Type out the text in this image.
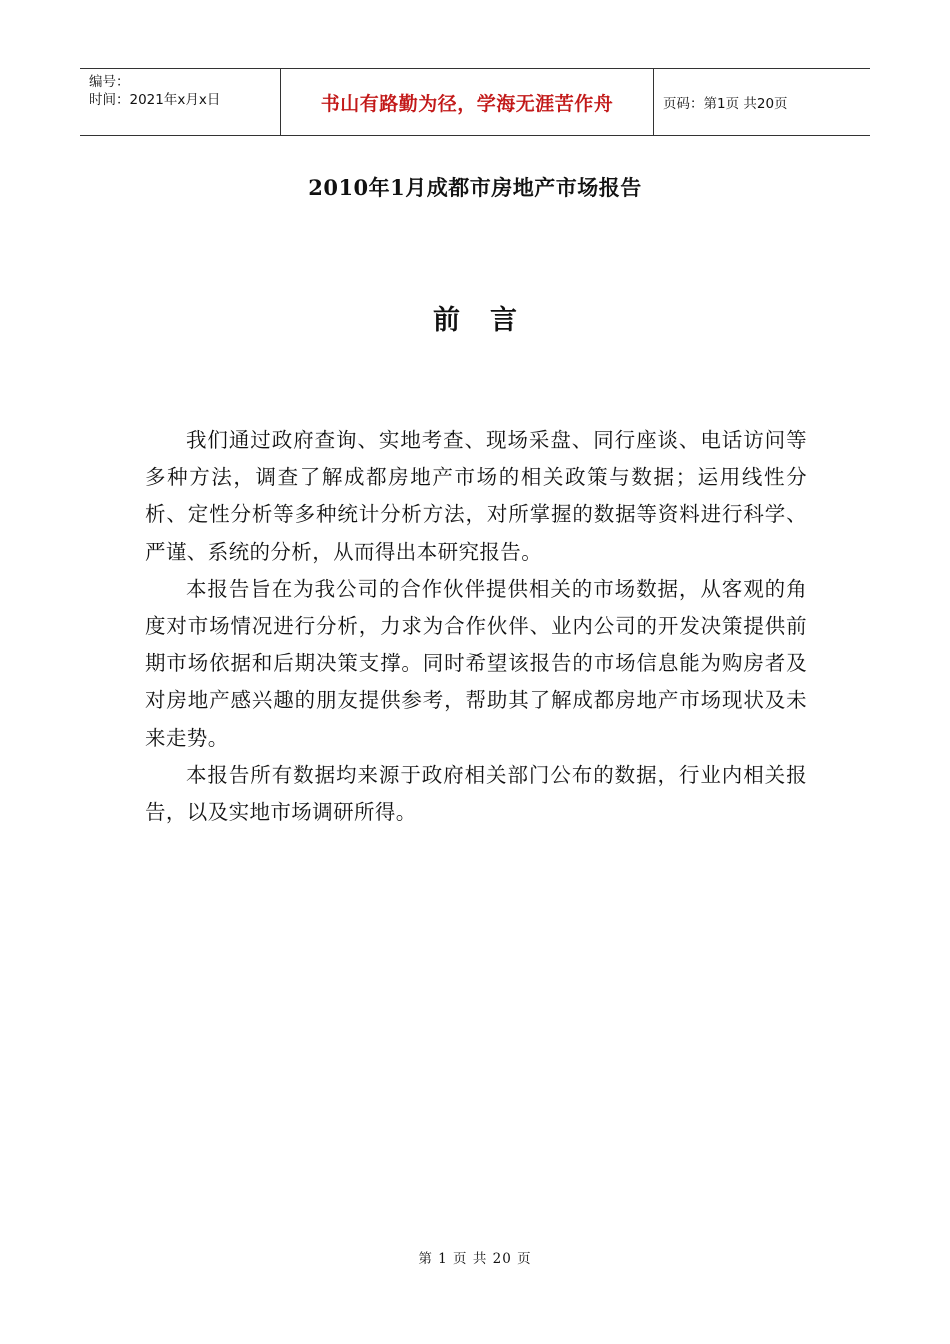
编号：
时间：2021年x月x日	书山有路勤为径，学海无涯苦作舟	页码：第1页 共20页
2010年1月成都市房地产市场报告
前言

我们通过政府查询、实地考查、现场采盘、同行座谈、电话访问等多种方法，调查了解成都房地产市场的相关政策与数据；运用线性分析、定性分析等多种统计分析方法，对所掌握的数据等资料进行科学、严谨、系统的分析，从而得出本研究报告。

本报告旨在为我公司的合作伙伴提供相关的市场数据，从客观的角度对市场情况进行分析，力求为合作伙伴、业内公司的开发决策提供前期市场依据和后期决策支撑。同时希望该报告的市场信息能为购房者及对房地产感兴趣的朋友提供参考，帮助其了解成都房地产市场现状及未来走势。

本报告所有数据均来源于政府相关部门公布的数据，行业内相关报告，以及实地市场调研所得。

第 1 页 共 20 页
